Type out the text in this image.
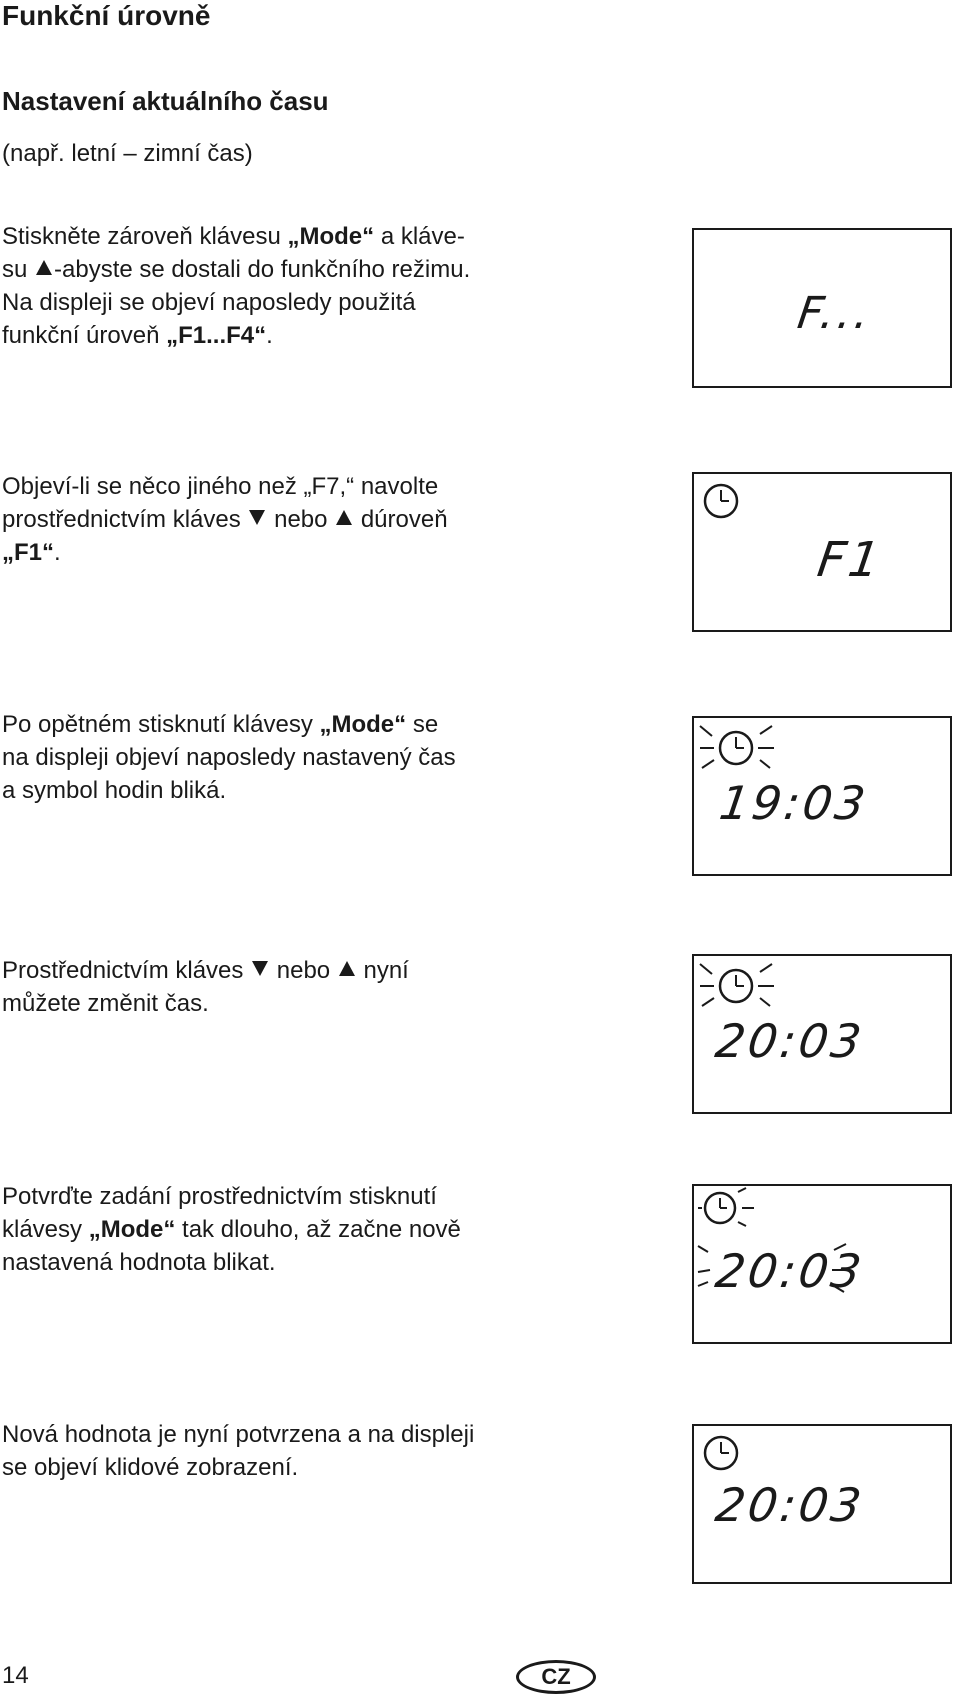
Funkční úrovně
Nastavení aktuálního času

(např. letní – zimní čas)

Stiskněte zároveň klávesu „Mode“ a kláve-
su -abyste se dostali do funkčního režimu.
Na displeji se objeví naposledy použitá
funkční úroveň „F1...F4“.	F...

Objeví-li se něco jiného než „F7,“ navolte
prostřednictvím kláves  nebo  dúroveň
„F1“.	F1

Po opětném stisknutí klávesy „Mode“ se
na displeji objeví naposledy nastavený čas
a symbol hodin bliká.	19:03

Prostřednictvím kláves  nebo  nyní
můžete změnit čas.

20:03

Potvrďte zadání prostřednictvím stisknutí
klávesy „Mode“ tak dlouho, až začne nově
nastavená hodnota blikat.	20:03

Nová hodnota je nyní potvrzena a na displeji
se objeví klidové zobrazení.

20:03

14	CZ
